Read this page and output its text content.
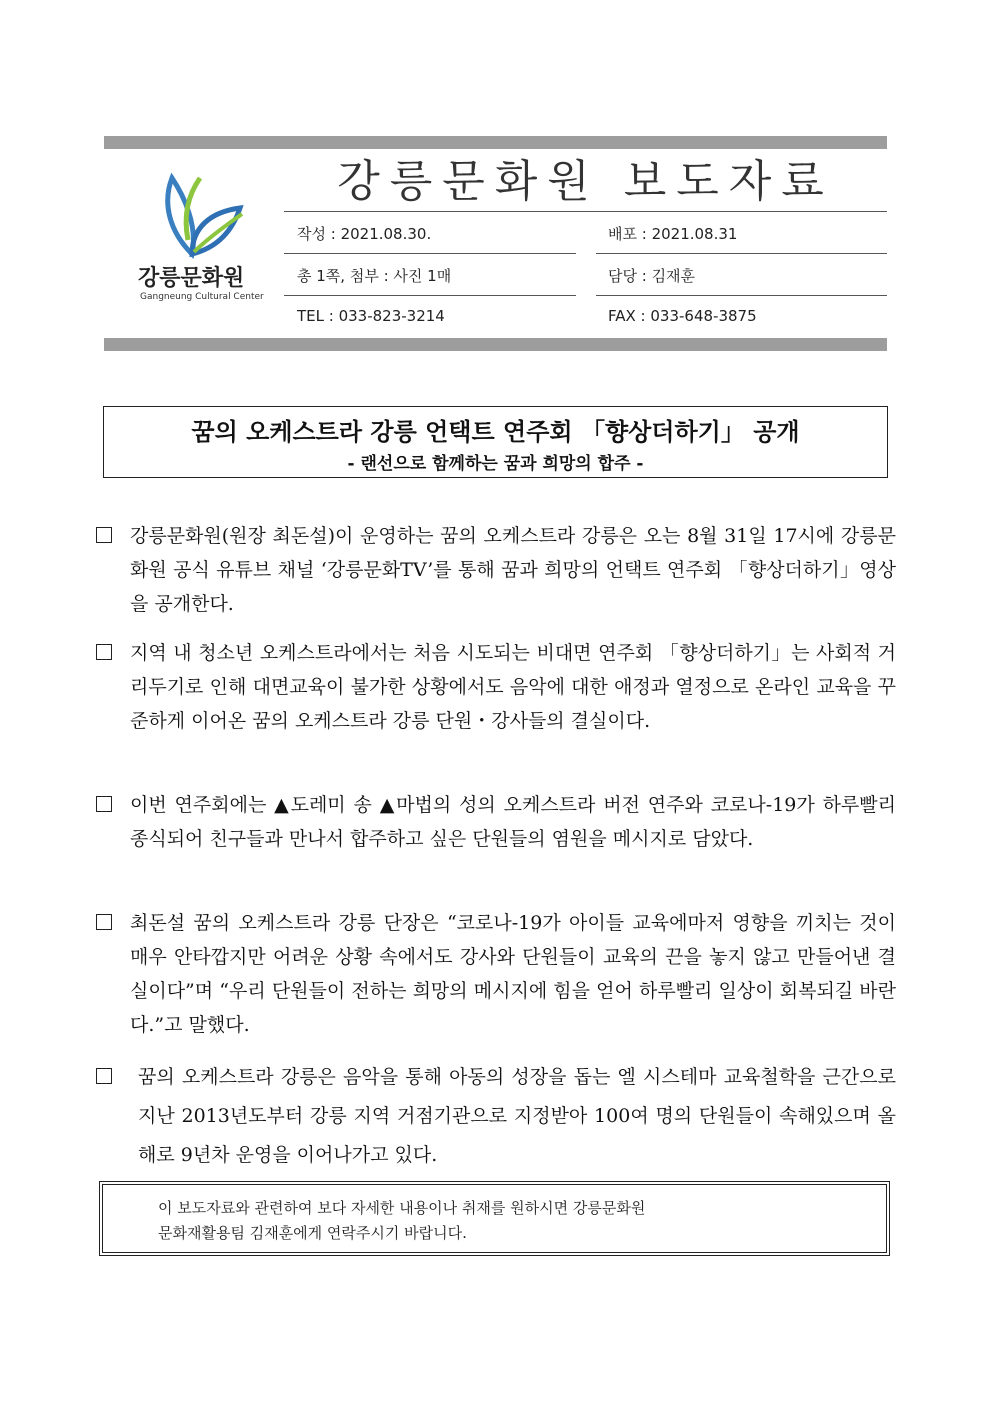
강릉문화원
Gangneung Cultural Center
강릉문화원 보도자료
작성 : 2021.08.30.	배포 : 2021.08.31
총 1쪽, 첨부 : 사진 1매	담당 : 김재훈
TEL : 033-823-3214	FAX : 033-648-3875
꿈의 오케스트라 강릉 언택트 연주회 「향상더하기」 공개
- 랜선으로 함께하는 꿈과 희망의 합주 -
강릉문화원(원장 최돈설)이 운영하는 꿈의 오케스트라 강릉은 오는 8월 31일 17시에 강릉문화원 공식 유튜브 채널 ‘강릉문화TV’를 통해 꿈과 희망의 언택트 연주회 「향상더하기」영상을 공개한다.
지역 내 청소년 오케스트라에서는 처음 시도되는 비대면 연주회 「향상더하기」는 사회적 거리두기로 인해 대면교육이 불가한 상황에서도 음악에 대한 애정과 열정으로 온라인 교육을 꾸준하게 이어온 꿈의 오케스트라 강릉 단원・강사들의 결실이다.
이번 연주회에는 ▲도레미 송 ▲마법의 성의 오케스트라 버전 연주와 코로나-19가 하루빨리 종식되어 친구들과 만나서 합주하고 싶은 단원들의 염원을 메시지로 담았다.
최돈설 꿈의 오케스트라 강릉 단장은 “코로나-19가 아이들 교육에마저 영향을 끼치는 것이 매우 안타깝지만 어려운 상황 속에서도 강사와 단원들이 교육의 끈을 놓지 않고 만들어낸 결실이다”며 “우리 단원들이 전하는 희망의 메시지에 힘을 얻어 하루빨리 일상이 회복되길 바란다.”고 말했다.
꿈의 오케스트라 강릉은 음악을 통해 아동의 성장을 돕는 엘 시스테마 교육철학을 근간으로 지난 2013년도부터 강릉 지역 거점기관으로 지정받아 100여 명의 단원들이 속해있으며 올해로 9년차 운영을 이어나가고 있다.
이 보도자료와 관련하여 보다 자세한 내용이나 취재를 원하시면 강릉문화원
문화재활용팀 김재훈에게 연락주시기 바랍니다.
